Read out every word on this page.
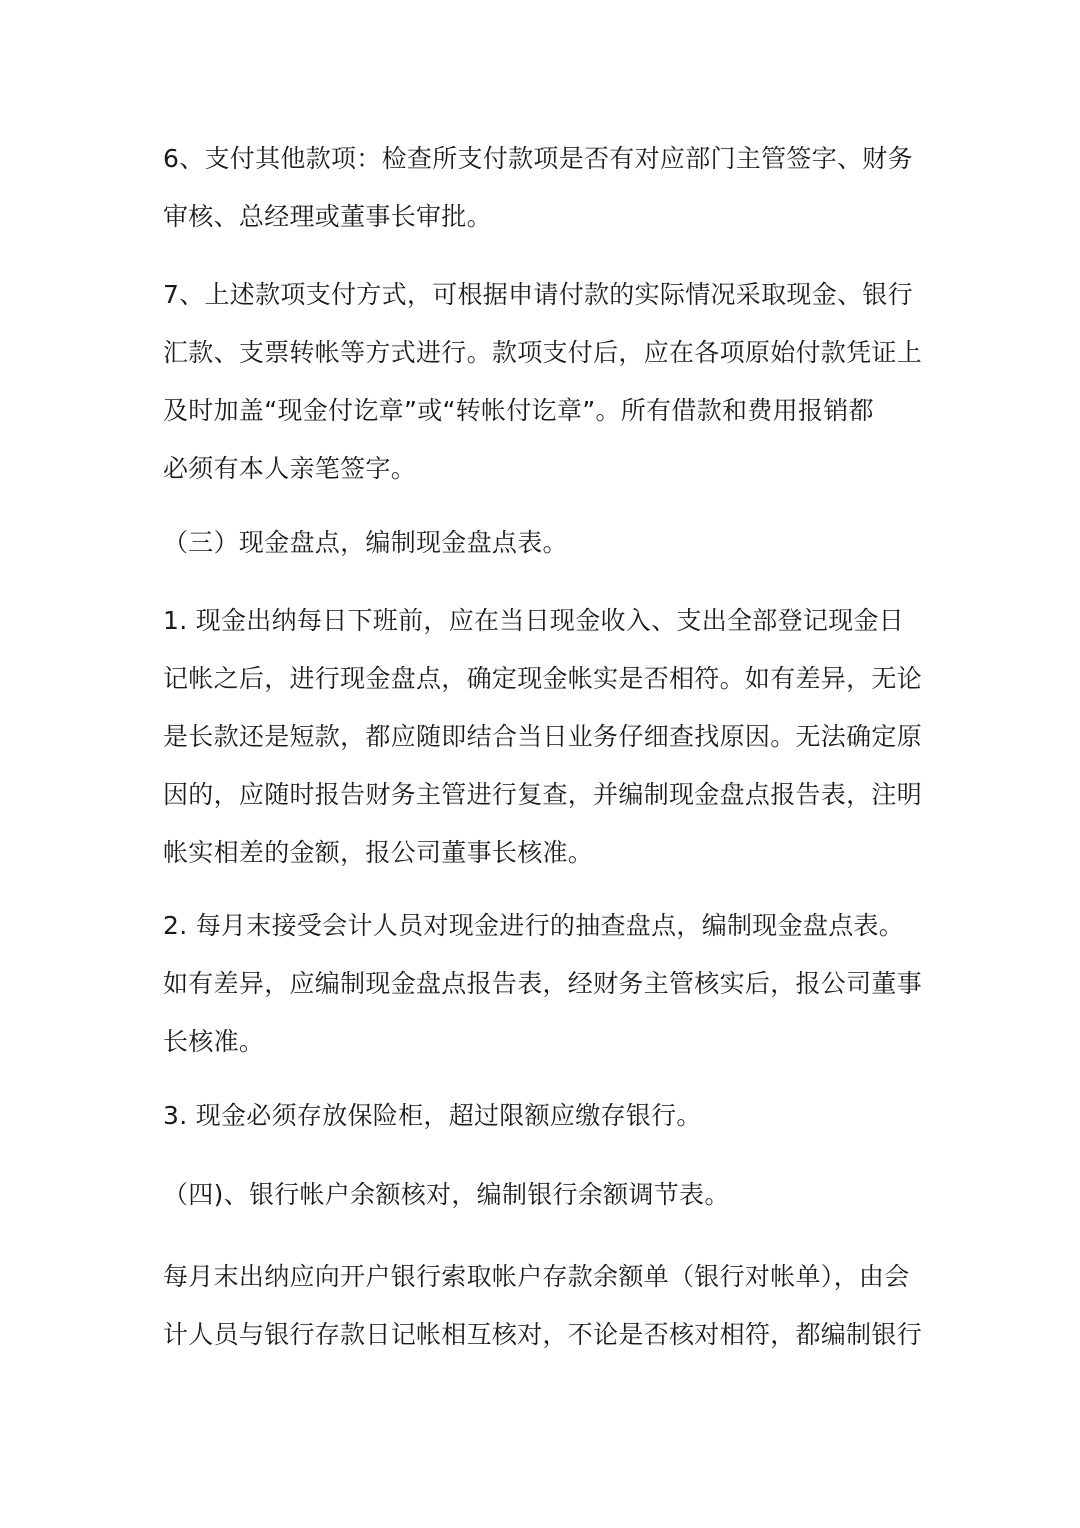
6、支付其他款项：检查所支付款项是否有对应部门主管签字、财务
审核、总经理或董事长审批。
7、上述款项支付方式，可根据申请付款的实际情况采取现金、银行
汇款、支票转帐等方式进行。款项支付后，应在各项原始付款凭证上
及时加盖“现金付讫章”或“转帐付讫章”。所有借款和费用报销都
必须有本人亲笔签字。
（三）现金盘点，编制现金盘点表。
1. 现金出纳每日下班前，应在当日现金收入、支出全部登记现金日
记帐之后，进行现金盘点，确定现金帐实是否相符。如有差异，无论
是长款还是短款，都应随即结合当日业务仔细查找原因。无法确定原
因的，应随时报告财务主管进行复查，并编制现金盘点报告表，注明
帐实相差的金额，报公司董事长核准。
2. 每月末接受会计人员对现金进行的抽查盘点，编制现金盘点表。
如有差异，应编制现金盘点报告表，经财务主管核实后，报公司董事
长核准。
3. 现金必须存放保险柜，超过限额应缴存银行。
（四)、银行帐户余额核对，编制银行余额调节表。
每月末出纳应向开户银行索取帐户存款余额单（银行对帐单），由会
计人员与银行存款日记帐相互核对，不论是否核对相符，都编制银行
